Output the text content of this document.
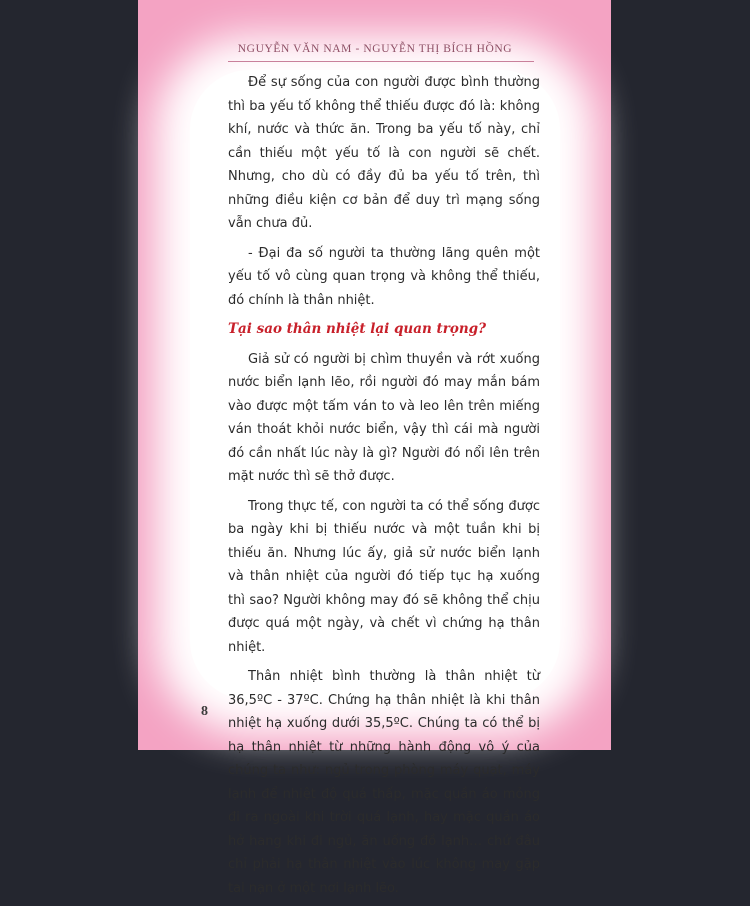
NGUYỄN VĂN NAM - NGUYỄN THỊ BÍCH HỒNG

Để sự sống của con người được bình thường thì ba yếu tố không thể thiếu được đó là: không khí, nước và thức ăn. Trong ba yếu tố này, chỉ cần thiếu một yếu tố là con người sẽ chết. Nhưng, cho dù có đầy đủ ba yếu tố trên, thì những điều kiện cơ bản để duy trì mạng sống vẫn chưa đủ.

- Đại đa số người ta thường lãng quên một yếu tố vô cùng quan trọng và không thể thiếu, đó chính là thân nhiệt.

Tại sao thân nhiệt lại quan trọng?

Giả sử có người bị chìm thuyền và rớt xuống nước biển lạnh lẽo, rồi người đó may mắn bám vào được một tấm ván to và leo lên trên miếng ván thoát khỏi nước biển, vậy thì cái mà người đó cần nhất lúc này là gì? Người đó nổi lên trên mặt nước thì sẽ thở được.

Trong thực tế, con người ta có thể sống được ba ngày khi bị thiếu nước và một tuần khi bị thiếu ăn. Nhưng lúc ấy, giả sử nước biển lạnh và thân nhiệt của người đó tiếp tục hạ xuống thì sao? Người không may đó sẽ không thể chịu được quá một ngày, và chết vì chứng hạ thân nhiệt.

Thân nhiệt bình thường là thân nhiệt từ 36,5ºC - 37ºC. Chứng hạ thân nhiệt là khi thân nhiệt hạ xuống dưới 35,5ºC. Chúng ta có thể bị hạ thân nhiệt từ những hành động vô ý của chúng ta như: ngủ trong phòng máy quạt, máy lạnh để nhiệt độ quá thấp, mặc quần áo mỏng đi ra ngoài khi trời quá lạnh, hay mặc quần áo hở hang khi đi ngủ, ăn uống đồ lạnh… chứ đâu chỉ phải hạ thân nhiệt vào lúc không may gặp tai nạn ở một nơi lạnh lẽo.

8
